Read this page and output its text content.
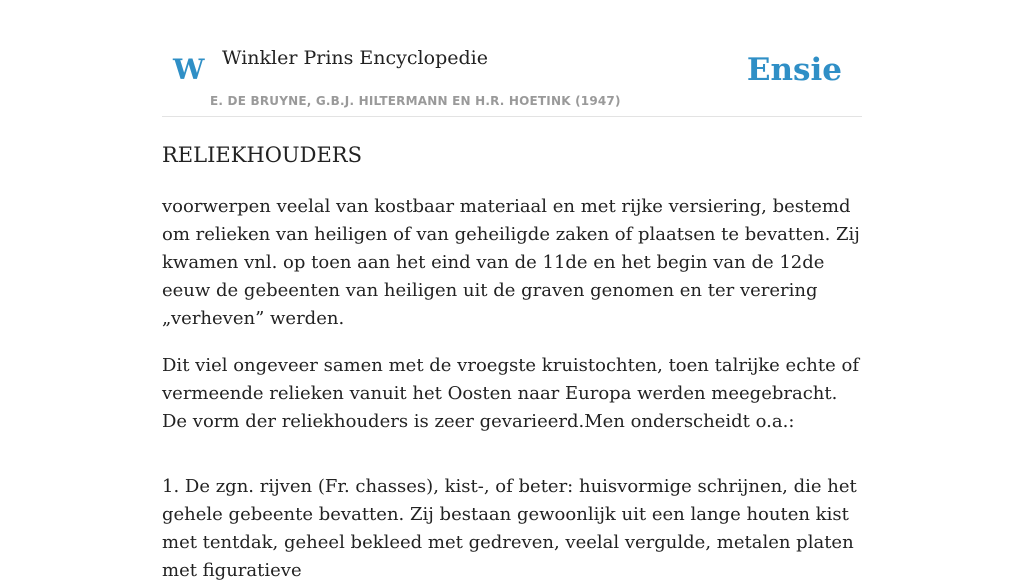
W Winkler Prins Encyclopedie
E. DE BRUYNE, G.B.J. HILTERMANN EN H.R. HOETINK (1947)
Ensie
RELIEKHOUDERS

voorwerpen veelal van kostbaar materiaal en met rijke versiering, bestemd om relieken van heiligen of van geheiligde zaken of plaatsen te bevatten. Zij kwamen vnl. op toen aan het eind van de 11de en het begin van de 12de eeuw de gebeenten van heiligen uit de graven genomen en ter verering „verheven” werden.

Dit viel ongeveer samen met de vroegste kruistochten, toen talrijke echte of vermeende relieken vanuit het Oosten naar Europa werden meegebracht. De vorm der reliekhouders is zeer gevarieerd.Men onderscheidt o.a.:

1. De zgn. rijven (Fr. chasses), kist-, of beter: huisvormige schrijnen, die het gehele gebeente bevatten. Zij bestaan gewoonlijk uit een lange houten kist met tentdak, geheel bekleed met gedreven, veelal vergulde, metalen platen met figuratieve
